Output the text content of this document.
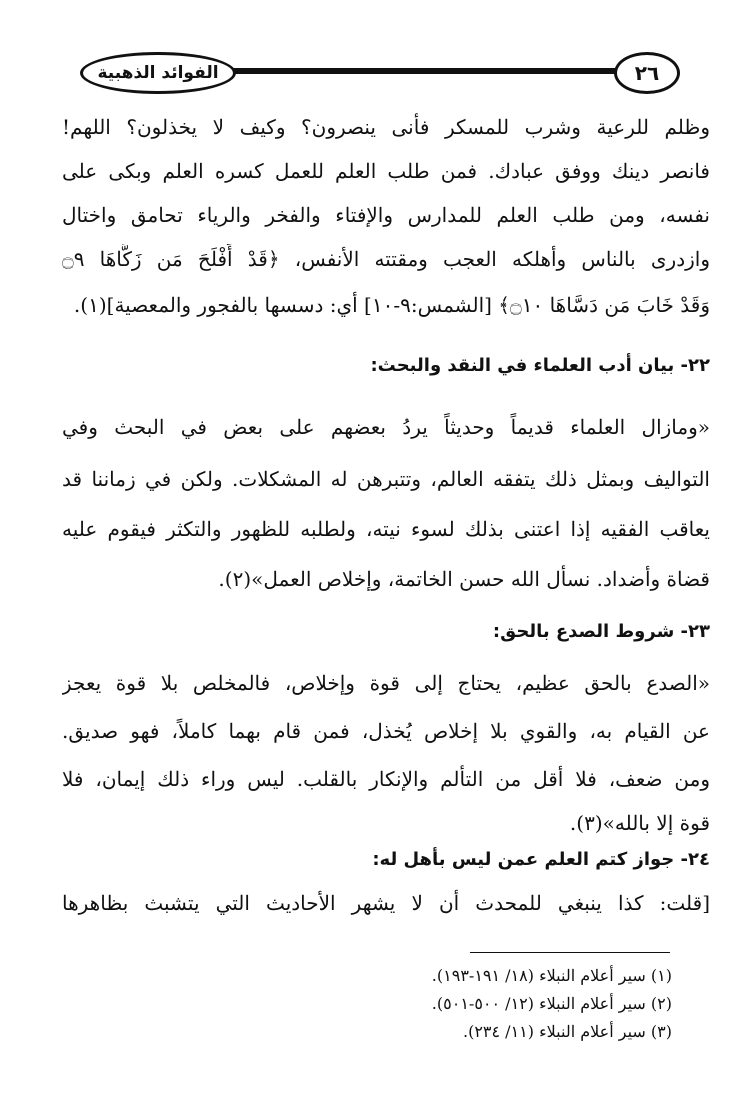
الفوائد الذهبية	٢٦
وظلم للرعية وشرب للمسكر فأنى ينصرون؟ وكيف لا يخذلون؟ اللهم!
فانصر دينك ووفق عبادك. فمن طلب العلم للعمل كسره العلم وبكى على
نفسه، ومن طلب العلم للمدارس والإفتاء والفخر والرياء تحامق واختال
وازدرى بالناس وأهلكه العجب ومقتته الأنفس، ﴿قَدْ أَفْلَحَ مَن زَكَّاهَا ۝٩
وَقَدْ خَابَ مَن دَسَّاهَا ۝١٠﴾ [الشمس:٩-١٠] أي: دسسها بالفجور والمعصية](١).
٢٢- بيان أدب العلماء في النقد والبحث:
«ومازال العلماء قديماً وحديثاً يردُ بعضهم على بعض في البحث وفي
التواليف وبمثل ذلك يتفقه العالم، وتتبرهن له المشكلات. ولكن في زماننا قد
يعاقب الفقيه إذا اعتنى بذلك لسوء نيته، ولطلبه للظهور والتكثر فيقوم عليه
قضاة وأضداد. نسأل الله حسن الخاتمة، وإخلاص العمل»(٢).
٢٣- شروط الصدع بالحق:
«الصدع بالحق عظيم، يحتاج إلى قوة وإخلاص، فالمخلص بلا قوة يعجز
عن القيام به، والقوي بلا إخلاص يُخذل، فمن قام بهما كاملاً، فهو صديق.
ومن ضعف، فلا أقل من التألم والإنكار بالقلب. ليس وراء ذلك إيمان، فلا
قوة إلا بالله»(٣).
٢٤- جواز كتم العلم عمن ليس بأهل له:
[قلت: كذا ينبغي للمحدث أن لا يشهر الأحاديث التي يتشبث بظاهرها
(١) سير أعلام النبلاء (١٨/ ١٩١-١٩٣).
(٢) سير أعلام النبلاء (١٢/ ٥٠٠-٥٠١).
(٣) سير أعلام النبلاء (١١/ ٢٣٤).
